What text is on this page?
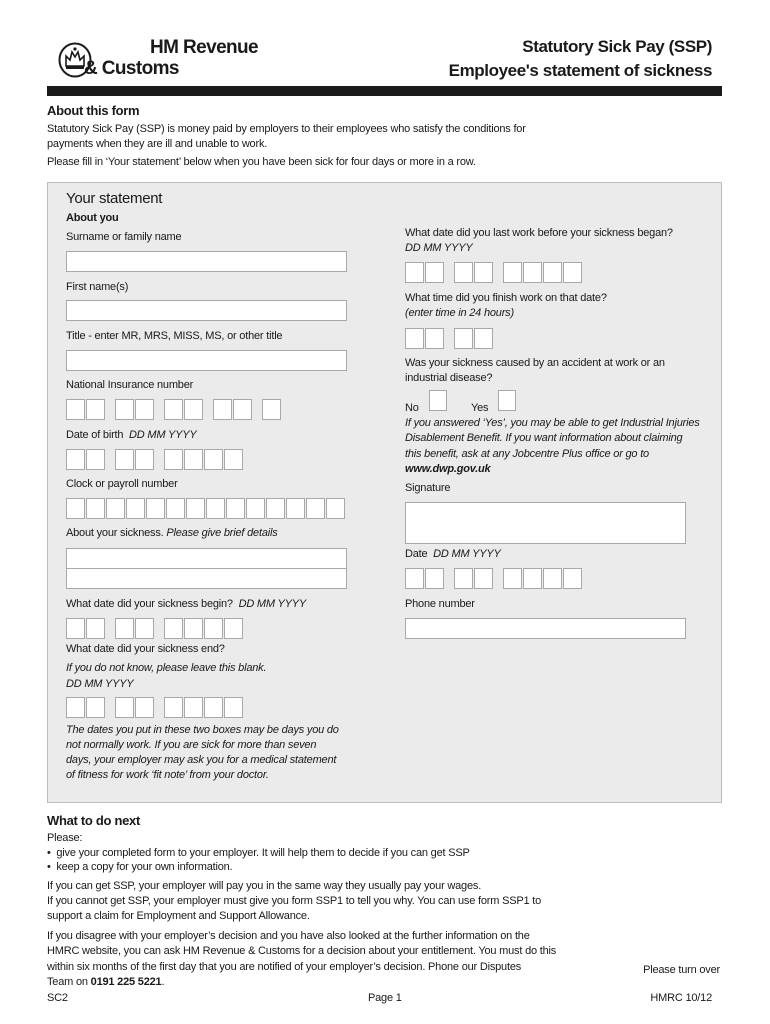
HM Revenue
& Customs
Statutory Sick Pay (SSP)
Employee's statement of sickness
About this form
Statutory Sick Pay (SSP) is money paid by employers to their employees who satisfy the conditions for
payments when they are ill and unable to work.
Please fill in ‘Your statement’ below when you have been sick for four days or more in a row.
Your statement
About you
Surname or family name
First name(s)
Title - enter MR, MRS, MISS, MS, or other title
National Insurance number
Date of birth DD MM YYYY
Clock or payroll number
About your sickness. Please give brief details
What date did your sickness begin? DD MM YYYY
What date did your sickness end?
If you do not know, please leave this blank.
DD MM YYYY
The dates you put in these two boxes may be days you do
not normally work. If you are sick for more than seven
days, your employer may ask you for a medical statement
of fitness for work ‘fit note’ from your doctor.
What date did you last work before your sickness began?
DD MM YYYY
What time did you finish work on that date?
(enter time in 24 hours)
Was your sickness caused by an accident at work or an
industrial disease?
No	Yes
If you answered ‘Yes’, you may be able to get Industrial Injuries
Disablement Benefit. If you want information about claiming
this benefit, ask at any Jobcentre Plus office or go to
www.dwp.gov.uk
Signature
Date DD MM YYYY
Phone number
What to do next
Please:
•  give your completed form to your employer. It will help them to decide if you can get SSP
•  keep a copy for your own information.
If you can get SSP, your employer will pay you in the same way they usually pay your wages.
If you cannot get SSP, your employer must give you form SSP1 to tell you why. You can use form SSP1 to
support a claim for Employment and Support Allowance.
If you disagree with your employer’s decision and you have also looked at the further information on the
HMRC website, you can ask HM Revenue & Customs for a decision about your entitlement. You must do this
within six months of the first day that you are notified of your employer’s decision. Phone our Disputes
Team on 0191 225 5221.
Please turn over
SC2	Page 1	HMRC 10/12
